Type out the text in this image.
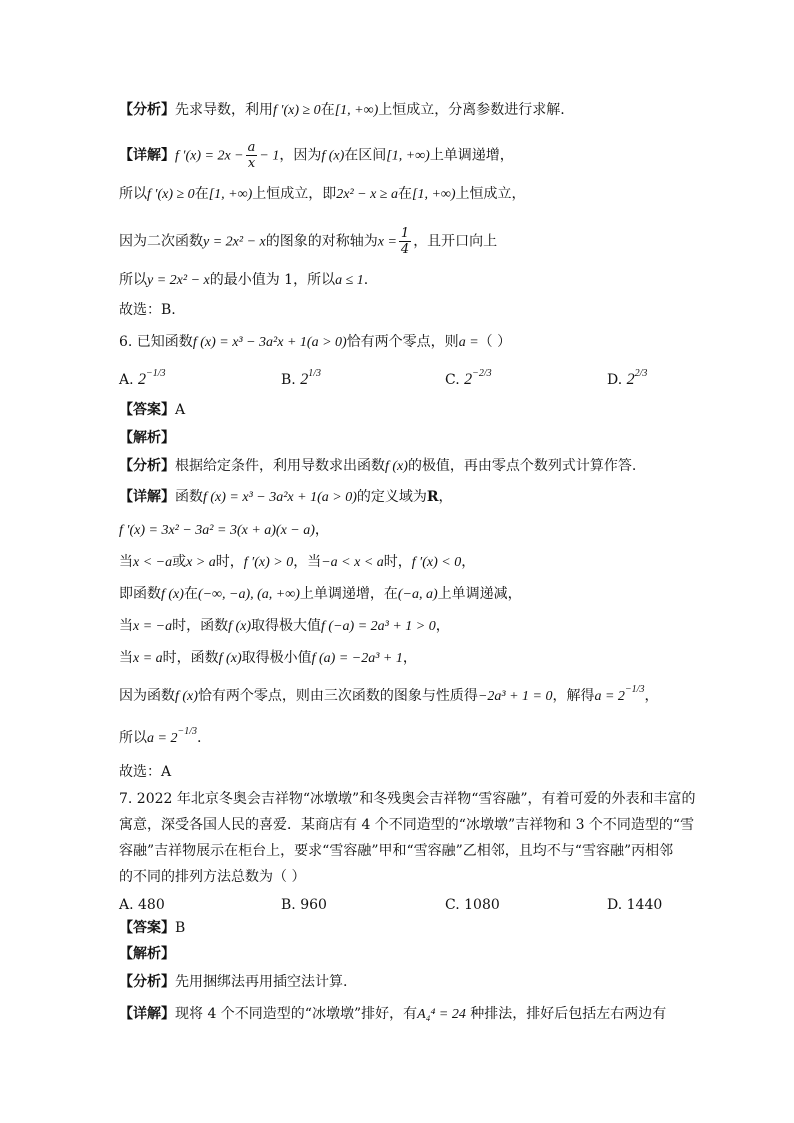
【分析】先求导数，利用f ′(x) ≥ 0在[1, +∞)上恒成立，分离参数进行求解.
【详解】f $'(x) = 2x - \frac{a}{x} - 1$，因为f (x)在区间[1, +∞)上单调递增，
所以f ′(x) ≥ 0在[1, +∞)上恒成立，即2x² − x ≥ a在[1, +∞)上恒成立，
因为二次函数y = 2x² − x的图象的对称轴为$x = \frac{1}{4}$ ，且开口向上
所以y = 2x² − x的最小值为 1，所以a ≤ 1.
故选：B.
6. 已知函数f (x) = x³ − 3a²x + 1(a > 0)恰有两个零点，则a =（ ）
A. $2^{-1/3}$	B. $2^{1/3}$	C. $2^{-2/3}$	D. $2^{2/3}$
【答案】A
【解析】
【分析】根据给定条件，利用导数求出函数f (x)的极值，再由零点个数列式计算作答.
【详解】函数f (x) = x³ − 3a²x + 1(a > 0)的定义域为R，
f ′(x) = 3x² − 3a² = 3(x + a)(x − a)，
当x < −a或x > a时，f ′(x) > 0，当−a < x < a时，f ′(x) < 0，
即函数f (x)在(−∞, −a), (a, +∞)上单调递增，在(−a, a)上单调递减，
当x = −a时，函数f (x)取得极大值f (−a) = 2a³ + 1 > 0，
当x = a时，函数f (x)取得极小值f (a) = −2a³ + 1，
因为函数f (x)恰有两个零点，则由三次函数的图象与性质得−2a³ + 1 = 0，解得$a = 2^{-1/3}$，
所以$a = 2^{-1/3}$.
故选：A
7. 2022 年北京冬奥会吉祥物“冰墩墩”和冬残奥会吉祥物“雪容融”，有着可爱的外表和丰富的
寓意，深受各国人民的喜爱．某商店有 4 个不同造型的“冰墩墩”吉祥物和 3 个不同造型的“雪
容融”吉祥物展示在柜台上，要求“雪容融”甲和“雪容融”乙相邻，且均不与“雪容融”丙相邻
的不同的排列方法总数为（ ）
A. 480	B. 960	C. 1080	D. 1440
【答案】B
【解析】
【分析】先用捆绑法再用插空法计算.
【详解】现将 4 个不同造型的“冰墩墩”排好，有A₄⁴ = 24 种排法，排好后包括左右两边有
